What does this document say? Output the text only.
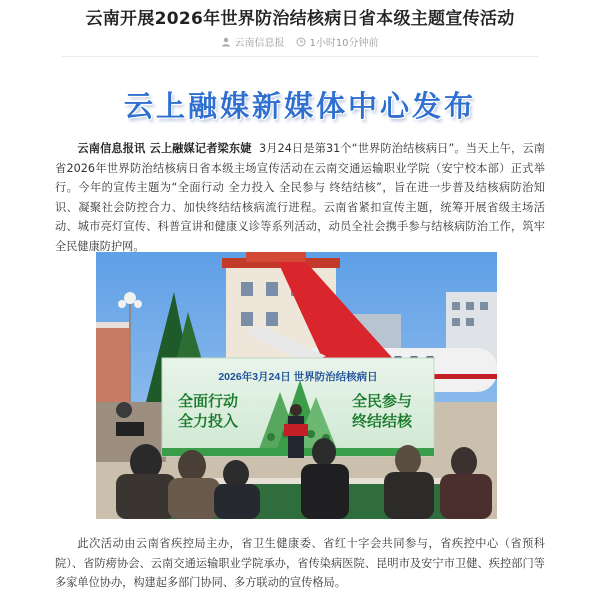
云南开展2026年世界防治结核病日省本级主题宣传活动
云南信息报	1小时10分钟前
云上融媒新媒体中心发布

云南信息报讯 云上融媒记者梁东婕 3月24日是第31个“世界防治结核病日”。当天上午，云南省2026年世界防治结核病日省本级主场宣传活动在云南交通运输职业学院（安宁校本部）正式举行。今年的宣传主题为“全面行动 全力投入 全民参与 终结结核”，旨在进一步普及结核病防治知识、凝聚社会防控合力、加快终结结核病流行进程。云南省紧扣宣传主题，统筹开展省级主场活动、城市亮灯宣传、科普宣讲和健康义诊等系列活动，动员全社会携手参与结核病防治工作，筑牢全民健康防护网。

2026年3月24日 世界防治结核病日
全面行动
全力投入
全民参与
终结结核

此次活动由云南省疾控局主办，省卫生健康委、省红十字会共同参与，省疾控中心（省预科院）、省防痨协会、云南交通运输职业学院承办，省传染病医院、昆明市及安宁市卫健、疾控部门等多家单位协办，构建起多部门协同、多方联动的宣传格局。
